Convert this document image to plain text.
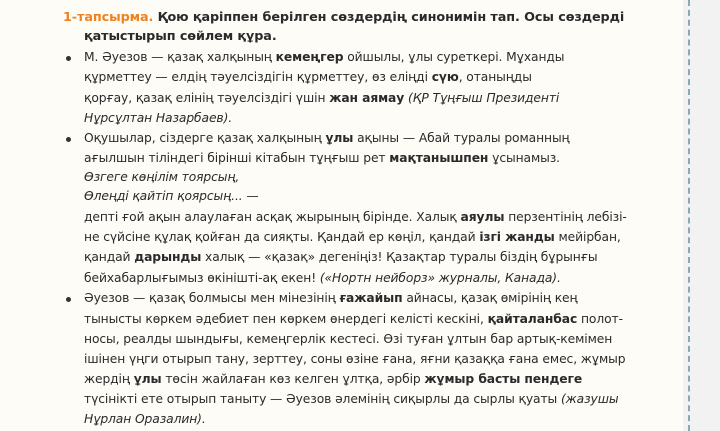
1-тапсырма. Қою қаріппен берілген сөздердің синонимін тап. Осы сөздерді
қатыстырып сөйлем құра.
М. Әуезов — қазақ халқының кемеңгер ойшылы, ұлы суреткері. Мұханды
құрметтеу — елдің тәуелсіздігін құрметтеу, өз еліңді сүю, отаныңды
қорғау, қазақ елінің тәуелсіздігі үшін жан аямау (ҚР Тұңғыш Президенті
Нұрсұлтан Назарбаев).
Оқушылар, сіздерге қазақ халқының ұлы ақыны — Абай туралы романның
ағылшын тіліндегі бірінші кітабын тұңғыш рет мақтанышпен ұсынамыз.
Өзгеге көңілім тоярсың,
Өлеңді қайтіп қоярсың... —
депті ғой ақын алаулаған асқақ жырының бірінде. Халық аяулы перзентінің лебізі-
не сүйсіне құлақ қойған да сияқты. Қандай ер көңіл, қандай ізгі жанды мейірбан,
қандай дарынды халық — «қазақ» дегеніңіз! Қазақтар туралы біздің бұрынғы
бейхабарлығымыз өкінішті-ақ екен! («Нортн нейборз» журналы, Канада).
Әуезов — қазақ болмысы мен мінезінің ғажайып айнасы, қазақ өмірінің кең
тынысты көркем әдебиет пен көркем өнердегі келісті кескіні, қайталанбас полот-
носы, реалды шындығы, кемеңгерлік кестесі. Өзі туған ұлтын бар артық-кемімен
ішінен үңги отырып тану, зерттеу, соны өзіне ғана, яғни қазаққа ғана емес, жұмыр
жердің ұлы төсін жайлаған көз келген ұлтқа, әрбір жұмыр басты пендеге
түсінікті ете отырып таныту — Әуезов әлемінің сиқырлы да сырлы қуаты (жазушы
Нұрлан Оразалин).
